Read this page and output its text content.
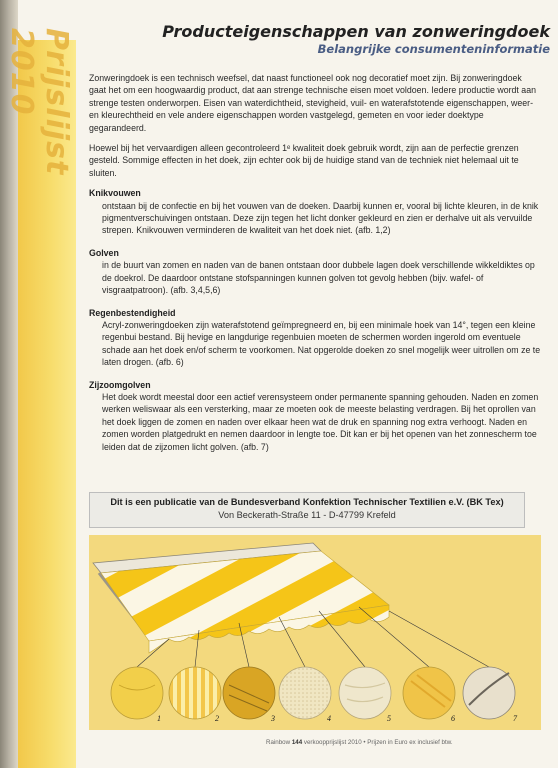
Prijslijst 2010	Producteigenschappen van zonweringdoek
Belangrijke consumenteninformatie

Zonweringdoek is een technisch weefsel, dat naast functioneel ook nog decoratief moet zijn. Bij zonweringdoek gaat het om een hoogwaardig product, dat aan strenge technische eisen moet voldoen. Iedere productie wordt aan strenge testen onderworpen. Eisen van waterdichtheid, stevigheid, vuil- en waterafstotende eigenschappen, weer- en kleurechtheid en vele andere eigenschappen worden vastgelegd, gemeten en voor ieder doektype gegarandeerd.

Hoewel bij het vervaardigen alleen gecontroleerd 1ᵉ kwaliteit doek gebruik wordt, zijn aan de perfectie grenzen gesteld. Sommige effecten in het doek, zijn echter ook bij de huidige stand van de techniek niet helemaal uit te sluiten.

Knikvouwen
ontstaan bij de confectie en bij het vouwen van de doeken. Daarbij kunnen er, vooral bij lichte kleuren, in de knik pigmentverschuivingen ontstaan. Deze zijn tegen het licht donker gekleurd en zien er derhalve uit als vervuilde strepen. Knikvouwen verminderen de kwaliteit van het doek niet. (afb. 1,2)
Golven
in de buurt van zomen en naden van de banen ontstaan door dubbele lagen doek verschillende wikkeldiktes op de doekrol. De daardoor ontstane stofspanningen kunnen golven tot gevolg hebben (bijv. wafel- of visgraatpatroon). (afb. 3,4,5,6)
Regenbestendigheid
Acryl-zonweringdoeken zijn waterafstotend geïmpregneerd en, bij een minimale hoek van 14°, tegen een kleine regenbui bestand. Bij hevige en langdurige regenbuien moeten de schermen worden ingerold om eventuele schade aan het doek en/of scherm te voorkomen. Nat opgerolde doeken zo snel mogelijk weer uitrollen om ze te laten drogen. (afb. 6)
Zijzoomgolven
Het doek wordt meestal door een actief verensysteem onder permanente spanning gehouden. Naden en zomen werken weliswaar als een versterking, maar ze moeten ook de meeste belasting verdragen. Bij het oprollen van het doek liggen de zomen en naden over elkaar heen wat de druk en spanning nog extra verhoogt. Naden en zomen worden platgedrukt en nemen daardoor in lengte toe. Dit kan er bij het openen van het zonnescherm toe leiden dat de zijzomen licht golven. (afb. 7)
Dit is een publicatie van de Bundesverband Konfektion Technischer Textilien e.V. (BK Tex)
Von Beckerath-Straße 11 - D-47799 Krefeld
1	2	3	4	5	6	7
Rainbow 144 verkoopprijslijst 2010 • Prijzen in Euro ex inclusief btw.
